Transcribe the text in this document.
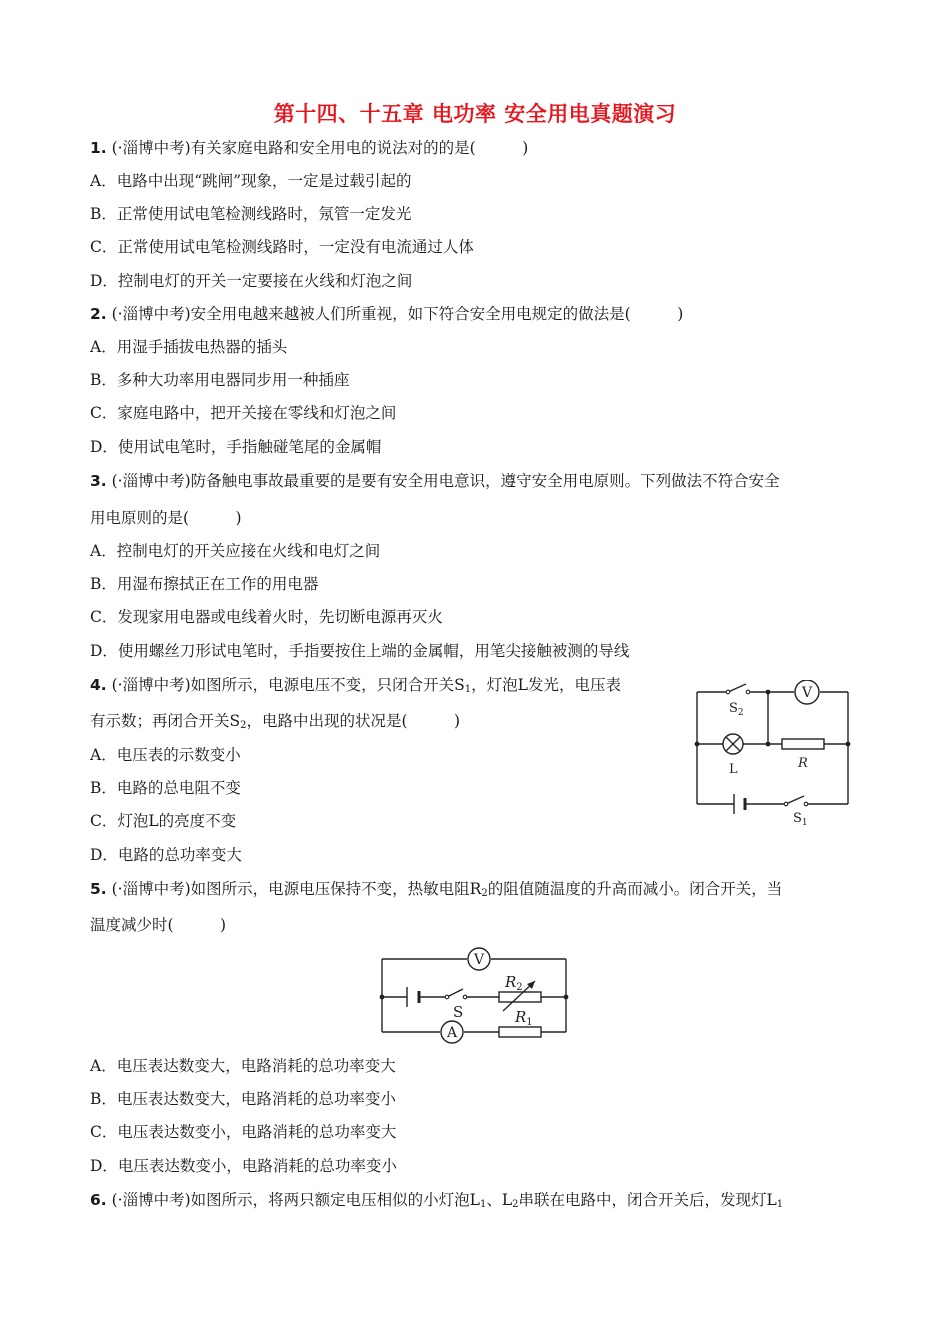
第十四、十五章 电功率 安全用电真题演习
1. (·淄博中考)有关家庭电路和安全用电的说法对的的是(　　　)
A．电路中出现“跳闸”现象，一定是过载引起的
B．正常使用试电笔检测线路时，氖管一定发光
C．正常使用试电笔检测线路时，一定没有电流通过人体
D．控制电灯的开关一定要接在火线和灯泡之间
2. (·淄博中考)安全用电越来越被人们所重视，如下符合安全用电规定的做法是(　　　)
A．用湿手插拔电热器的插头
B．多种大功率用电器同步用一种插座
C．家庭电路中，把开关接在零线和灯泡之间
D．使用试电笔时，手指触碰笔尾的金属帽
3. (·淄博中考)防备触电事故最重要的是要有安全用电意识，遵守安全用电原则。下列做法不符合安全
用电原则的是(　　　)
A．控制电灯的开关应接在火线和电灯之间
B．用湿布擦拭正在工作的用电器
C．发现家用电器或电线着火时，先切断电源再灭火
D．使用螺丝刀形试电笔时，手指要按住上端的金属帽，用笔尖接触被测的导线
4. (·淄博中考)如图所示，电源电压不变，只闭合开关$S_1$，灯泡L发光，电压表
有示数；再闭合开关$S_2$，电路中出现的状况是(　　　)
A．电压表的示数变小
B．电路的总电阻不变
C．灯泡L的亮度不变
D．电路的总功率变大
V
$S_2$
L	R
$S_1$
5. (·淄博中考)如图所示，电源电压保持不变，热敏电阻$R_2$的阻值随温度的升高而减小。闭合开关，当
温度减少时(　　　)
V
A
S
$R_2$
$R_1$
A．电压表达数变大，电路消耗的总功率变大
B．电压表达数变大，电路消耗的总功率变小
C．电压表达数变小，电路消耗的总功率变大
D．电压表达数变小，电路消耗的总功率变小
6. (·淄博中考)如图所示，将两只额定电压相似的小灯泡$L_1$、$L_2$串联在电路中，闭合开关后，发现灯$L_1$
